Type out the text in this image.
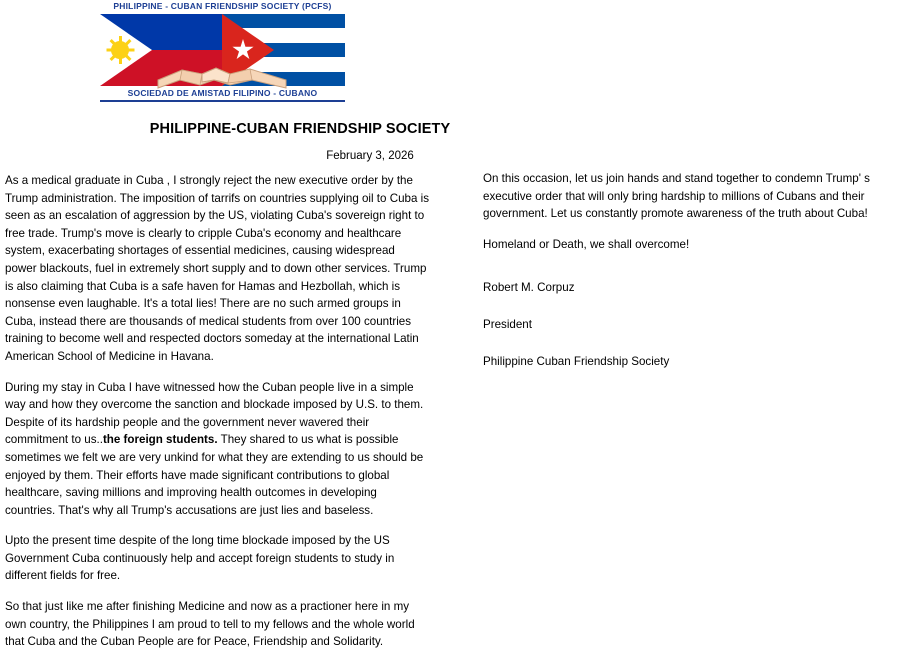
PHILIPPINE - CUBAN FRIENDSHIP SOCIETY (PCFS)
SOCIEDAD DE AMISTAD FILIPINO - CUBANO
PHILIPPINE-CUBAN FRIENDSHIP SOCIETY
February 3, 2026

As a medical graduate in Cuba , I strongly reject the new executive order by the Trump administration. The imposition of tarrifs on countries supplying oil to Cuba is seen as an escalation of aggression by the US, violating Cuba's sovereign right to free trade. Trump's move is clearly to cripple Cuba's economy and healthcare system, exacerbating shortages of essential medicines, causing widespread power blackouts, fuel in extremely short supply and to down other services. Trump is also claiming that Cuba is a safe haven for Hamas and Hezbollah, which is nonsense even laughable. It's a total lies! There are no such armed groups in Cuba, instead there are thousands of medical students from over 100 countries training to become well and respected doctors someday at the international Latin American School of Medicine in Havana.

During my stay in Cuba I have witnessed how the Cuban people live in a simple way and how they overcome the sanction and blockade imposed by U.S. to them. Despite of its hardship people and the government never wavered their commitment to us..the foreign students. They shared to us what is possible sometimes we felt we are very unkind for what they are extending to us should be enjoyed by them. Their efforts have made significant contributions to global healthcare, saving millions and improving health outcomes in developing countries. That's why all Trump's accusations are just lies and baseless.

Upto the present time despite of the long time blockade imposed by the US Government Cuba continuously help and accept foreign students to study in different fields for free.

So that just like me after finishing Medicine and now as a practioner here in my own country, the Philippines I am proud to tell to my fellows and the whole world that Cuba and the Cuban People are for Peace, Friendship and Solidarity.

On this occasion, let us join hands and stand together to condemn Trump' s executive order that will only bring hardship to millions of Cubans and their government. Let us constantly promote awareness of the truth about Cuba!

Homeland or Death, we shall overcome!

Robert M. Corpuz

President

Philippine Cuban Friendship Society
